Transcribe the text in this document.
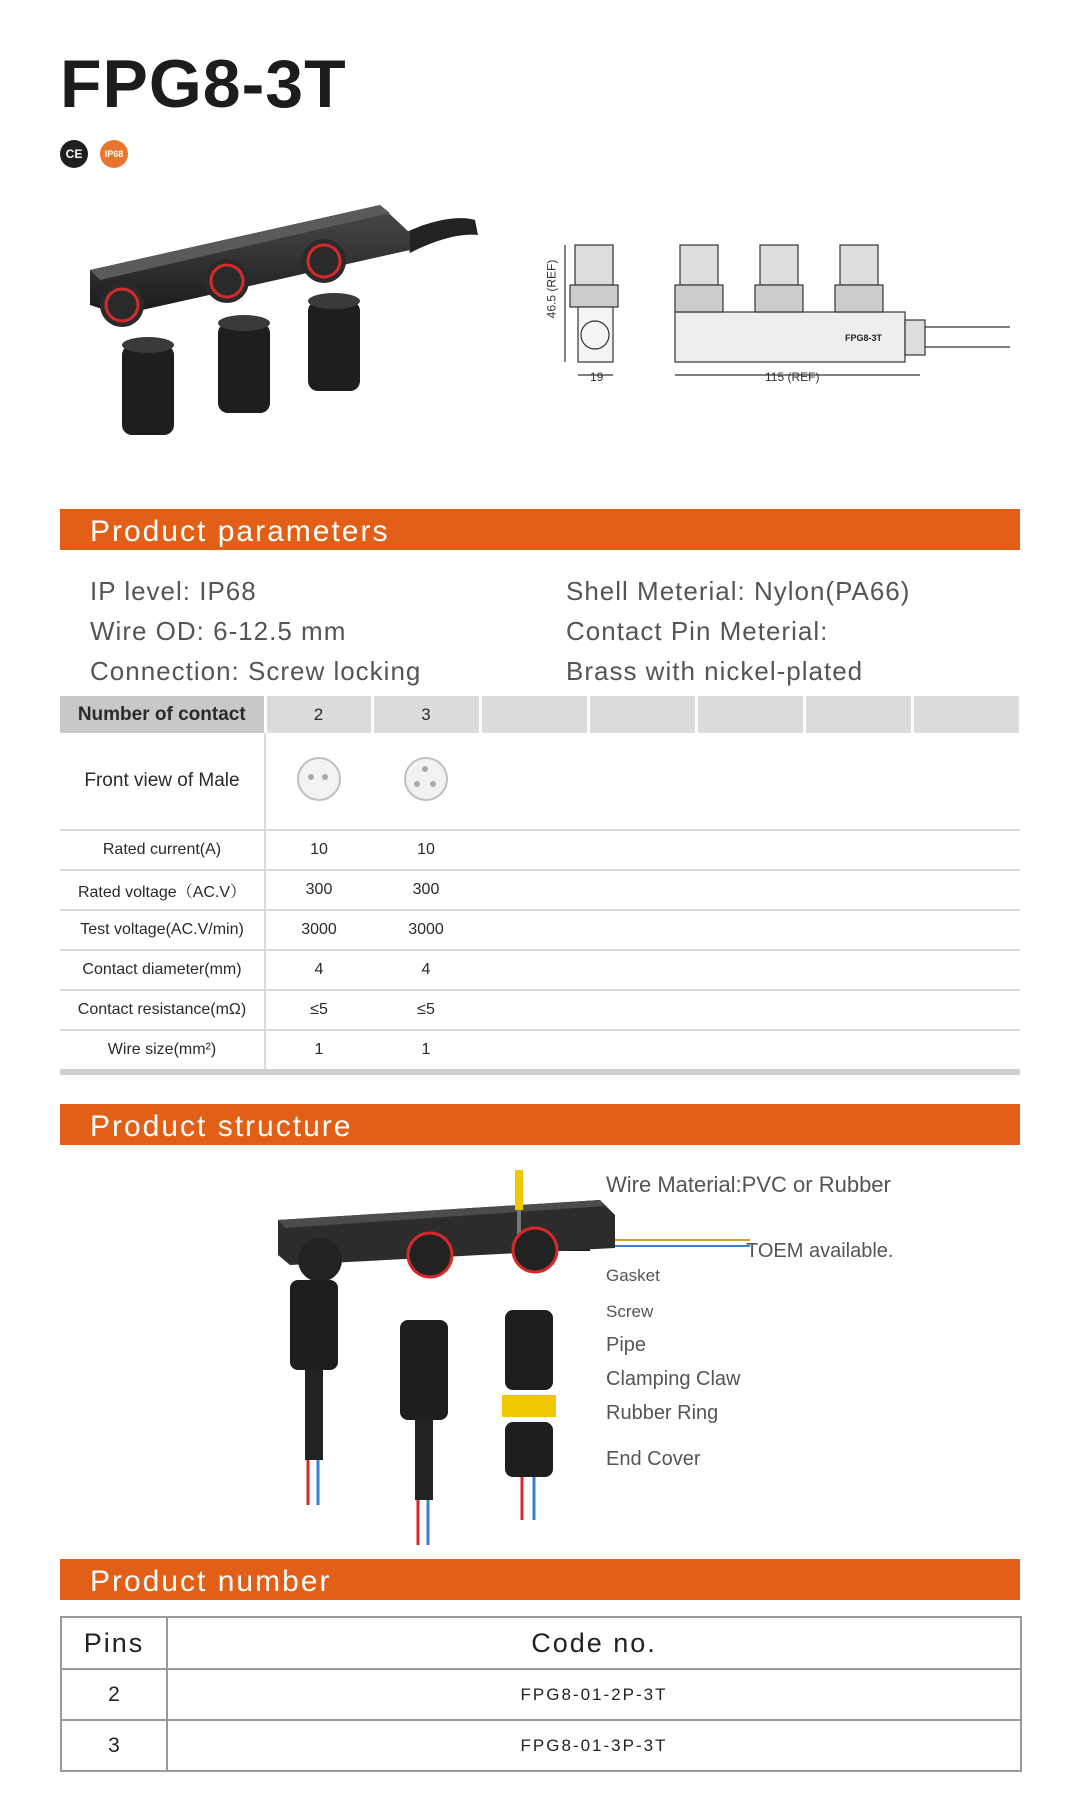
FPG8-3T
CE	IP68
46.5 (REF)
19	115 (REF)
FPG8-3T
Product parameters
IP level: IP68
Wire OD: 6-12.5 mm
Connection: Screw locking
Shell Meterial: Nylon(PA66)
Contact Pin Meterial:
Brass with nickel-plated
Number of contact	2	3					
Front view of Male					

Rated current(A)	10	10					
Rated voltage（AC.V）	300	300					
Test voltage(AC.V/min)	3000	3000					
Contact diameter(mm)	4	4					
Contact resistance(mΩ)	≤5	≤5					
Wire size(mm²)	1	1					
Product structure
Wire Material:PVC or Rubber
TOEM available.
Gasket
Screw
Pipe
Clamping Claw
Rubber Ring
End Cover
Product number
Pins	Code no.
2	FPG8-01-2P-3T
3	FPG8-01-3P-3T
